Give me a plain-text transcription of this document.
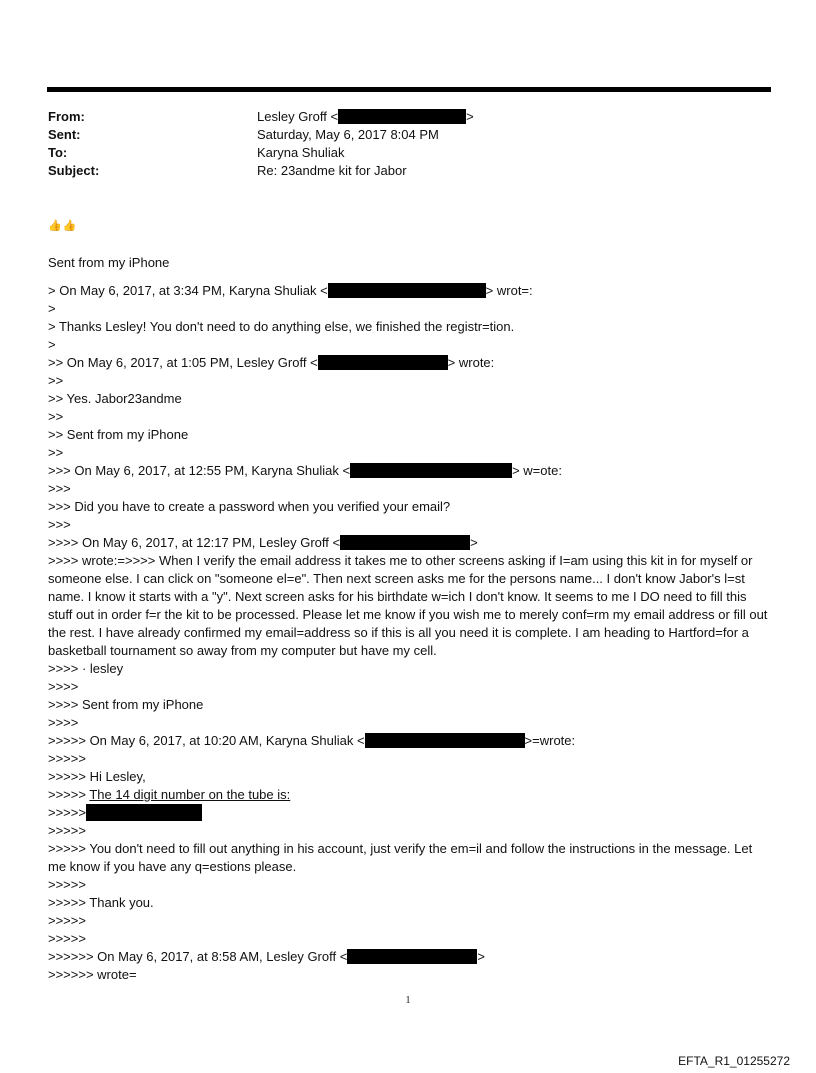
From:	Lesley Groff <	>
Sent:	Saturday, May 6, 2017 8:04 PM
To:	Karyna Shuliak
Subject:	Re: 23andme kit for Jabor
👍👍
Sent from my iPhone
> On May 6, 2017, at 3:34 PM, Karyna Shuliak <	> wrot=:
>
> Thanks Lesley! You don't need to do anything else, we finished the registr=tion.
>
>> On May 6, 2017, at 1:05 PM, Lesley Groff <	> wrote:
>>
>> Yes. Jabor23andme
>>
>> Sent from my iPhone
>>
>>> On May 6, 2017, at 12:55 PM, Karyna Shuliak <	> w=ote:
>>>
>>> Did you have to create a password when you verified your email?
>>>
>>>> On May 6, 2017, at 12:17 PM, Lesley Groff <	>
>>>> wrote:=>>>> When I verify the email address it takes me to other screens asking if I=am using this kit in for myself or someone else. I can click on "someone el=e". Then next screen asks me for the persons name... I don't know Jabor's l=st name. I know it starts with a "y". Next screen asks for his birthdate w=ich I don't know. It seems to me I DO need to fill this stuff out in order f=r the kit to be processed. Please let me know if you wish me to merely conf=rm my email address or fill out the rest. I have already confirmed my email=address so if this is all you need it is complete. I am heading to Hartford=for a basketball tournament so away from my computer but have my cell.
>>>> · lesley
>>>>
>>>> Sent from my iPhone
>>>>
>>>>> On May 6, 2017, at 10:20 AM, Karyna Shuliak <	>=wrote:
>>>>>
>>>>> Hi Lesley,
>>>>> The 14 digit number on the tube is:
>>>>>
>>>>>
>>>>> You don't need to fill out anything in his account, just verify the em=il and follow the instructions in the message. Let me know if you have any q=estions please.
>>>>>
>>>>> Thank you.
>>>>>
>>>>>
>>>>>> On May 6, 2017, at 8:58 AM, Lesley Groff <	>
>>>>>> wrote=
1
EFTA_R1_01255272
